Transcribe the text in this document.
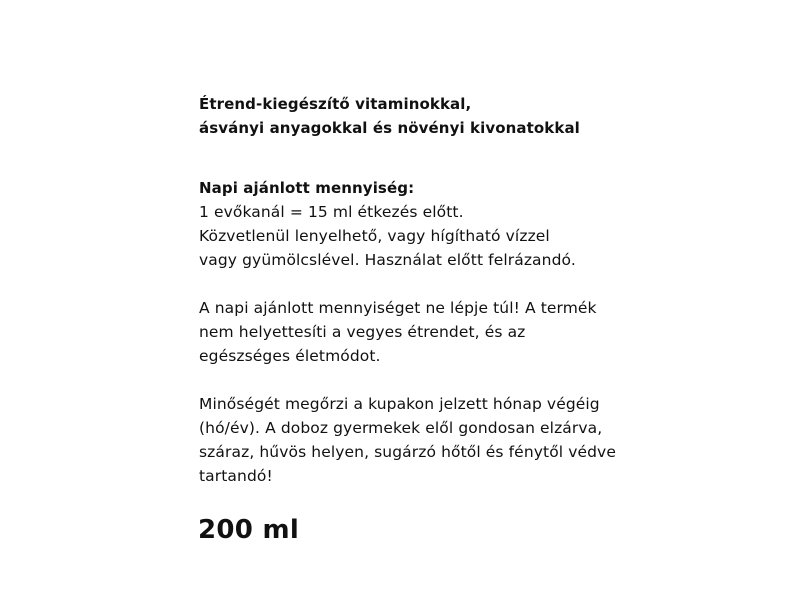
Étrend-kiegészítő vitaminokkal,
ásványi anyagokkal és növényi kivonatokkal
Napi ajánlott mennyiség:
1 evőkanál = 15 ml étkezés előtt.
Közvetlenül lenyelhető, vagy hígítható vízzel
vagy gyümölcslével. Használat előtt felrázandó.
A napi ajánlott mennyiséget ne lépje túl! A termék
nem helyettesíti a vegyes étrendet, és az
egészséges életmódot.
Minőségét megőrzi a kupakon jelzett hónap végéig
(hó/év). A doboz gyermekek elől gondosan elzárva,
száraz, hűvös helyen, sugárzó hőtől és fénytől védve
tartandó!
200 ml
